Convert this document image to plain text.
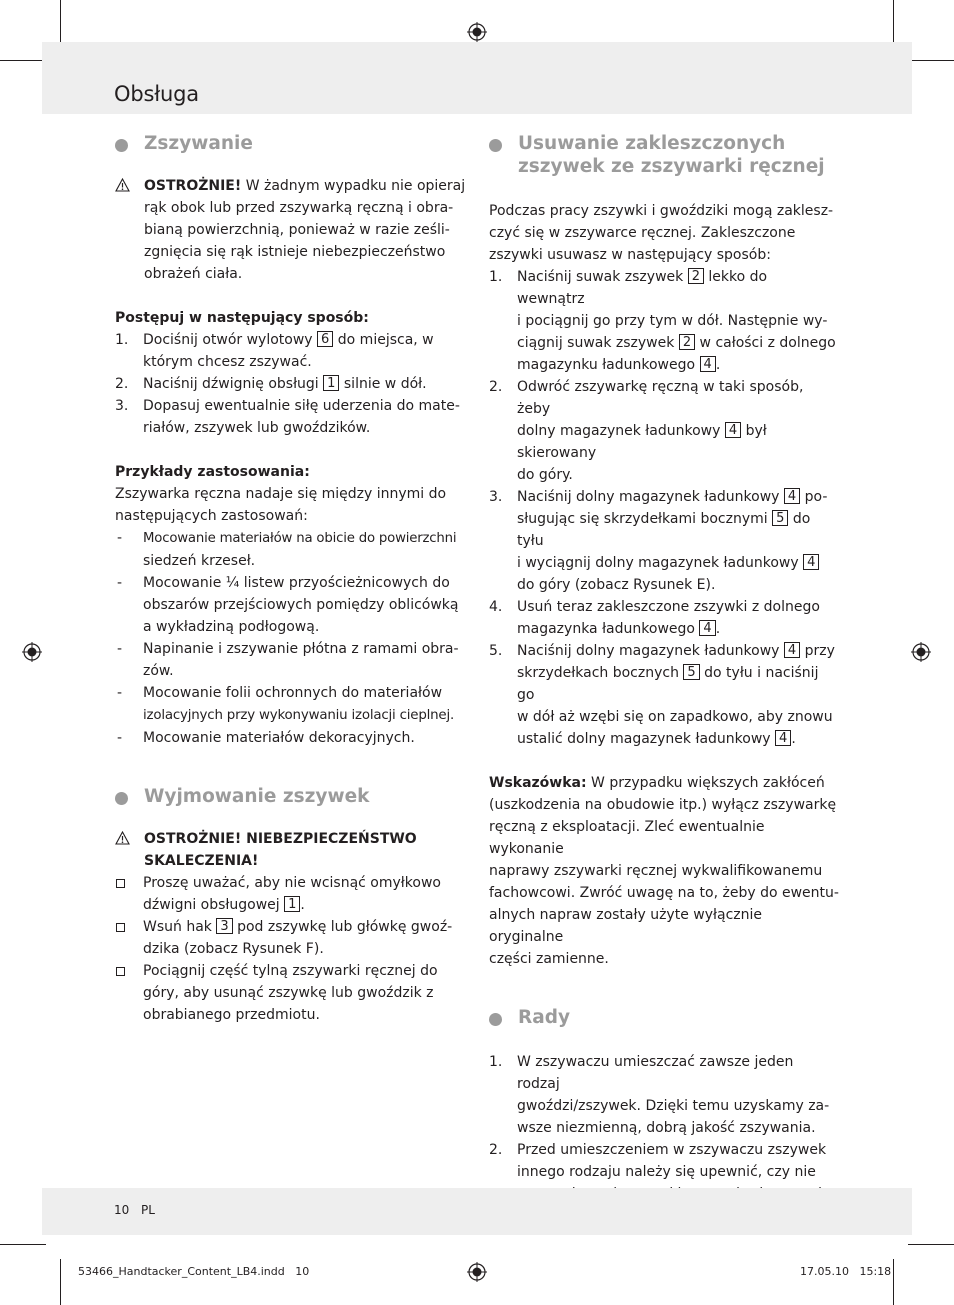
Obsługa
Zszywanie
OSTROŻNIE! W żadnym wypadku nie opieraj
rąk obok lub przed zszywarką ręczną i obra-
bianą powierzchnią, ponieważ w razie ześli-
zgnięcia się rąk istnieje niebezpieczeństwo
obrażeń ciała.

Postępuj w następujący sposób:

1. Dociśnij otwór wylotowy 6 do miejsca, w
którym chcesz zszywać.
2. Naciśnij dźwignię obsługi 1 silnie w dół.
3. Dopasuj ewentualnie siłę uderzenia do mate-
riałów, zszywek lub gwoździków.

Przykłady zastosowania:

Zszywarka ręczna nadaje się między innymi do
następujących zastosowań:

- Mocowanie materiałów na obicie do powierzchni
siedzeń krzeseł.
- Mocowanie ¼ listew przyościeżnicowych do
obszarów przejściowych pomiędzy oblicówką
a wykładziną podłogową.
- Napinanie i zszywanie płótna z ramami obra-
zów.
- Mocowanie folii ochronnych do materiałów
izolacyjnych przy wykonywaniu izolacji cieplnej.
- Mocowanie materiałów dekoracyjnych.
Wyjmowanie zszywek
OSTROŻNIE! NIEBEZPIECZEŃSTWO
SKALECZENIA!
Proszę uważać, aby nie wcisnąć omyłkowo
dźwigni obsługowej 1 .
Wsuń hak 3 pod zszywkę lub główkę gwoź-
dzika (zobacz Rysunek F).
Pociągnij część tylną zszywarki ręcznej do
góry, aby usunąć zszywkę lub gwoździk z
obrabianego przedmiotu.
Usuwanie zakleszczonych
zszywek ze zszywarki ręcznej

Podczas pracy zszywki i gwoździki mogą zaklesz-
czyć się w zszywarce ręcznej. Zakleszczone
zszywki usuwasz w następujący sposób:

1. Naciśnij suwak zszywek 2 lekko do wewnątrz
i pociągnij go przy tym w dół. Następnie wy-
ciągnij suwak zszywek 2 w całości z dolnego
magazynku ładunkowego 4 .
2. Odwróć zszywarkę ręczną w taki sposób, żeby
dolny magazynek ładunkowy 4 był skierowany
do góry.
3. Naciśnij dolny magazynek ładunkowy 4 po-
sługując się skrzydełkami bocznymi 5 do tyłu
i wyciągnij dolny magazynek ładunkowy 4
do góry (zobacz Rysunek E).
4. Usuń teraz zakleszczone zszywki z dolnego
magazynka ładunkowego 4 .
5. Naciśnij dolny magazynek ładunkowy 4 przy
skrzydełkach bocznych 5 do tyłu i naciśnij go
w dół aż wzębi się on zapadkowo, aby znowu
ustalić dolny magazynek ładunkowy 4 .

Wskazówka: W przypadku większych zakłóceń
(uszkodzenia na obudowie itp.) wyłącz zszywarkę
ręczną z eksploatacji. Zleć ewentualnie wykonanie
naprawy zszywarki ręcznej wykwalifikowanemu
fachowcowi. Zwróć uwagę na to, żeby do ewentu-
alnych napraw zostały użyte wyłącznie oryginalne
części zamienne.

Rady
1. W zszywaczu umieszczać zawsze jeden rodzaj
gwoździ/zszywek. Dzięki temu uzyskamy za-
wsze niezmienną, dobrą jakość zszywania.
2. Przed umieszczeniem w zszywaczu zszywek
innego rodzaju należy się upewnić, czy nie

10 PL
53466_Handtacker_Content_LB4.indd   10	17.05.10   15:18
